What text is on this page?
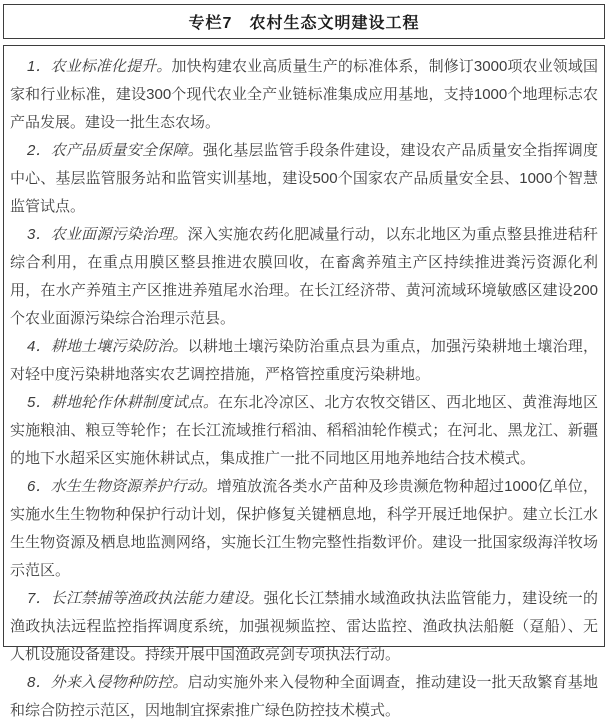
专栏7　农村生态文明建设工程

1．农业标准化提升。加快构建农业高质量生产的标准体系，制修订3000项农业领域国家和行业标准，建设300个现代农业全产业链标准集成应用基地，支持1000个地理标志农产品发展。建设一批生态农场。

2．农产品质量安全保障。强化基层监管手段条件建设，建设农产品质量安全指挥调度中心、基层监管服务站和监管实训基地，建设500个国家农产品质量安全县、1000个智慧监管试点。

3．农业面源污染治理。深入实施农药化肥减量行动，以东北地区为重点整县推进秸秆综合利用，在重点用膜区整县推进农膜回收，在畜禽养殖主产区持续推进粪污资源化利用，在水产养殖主产区推进养殖尾水治理。在长江经济带、黄河流域环境敏感区建设200个农业面源污染综合治理示范县。

4．耕地土壤污染防治。以耕地土壤污染防治重点县为重点，加强污染耕地土壤治理，对轻中度污染耕地落实农艺调控措施，严格管控重度污染耕地。

5．耕地轮作休耕制度试点。在东北冷凉区、北方农牧交错区、西北地区、黄淮海地区实施粮油、粮豆等轮作；在长江流域推行稻油、稻稻油轮作模式；在河北、黑龙江、新疆的地下水超采区实施休耕试点，集成推广一批不同地区用地养地结合技术模式。

6．水生生物资源养护行动。增殖放流各类水产苗种及珍贵濒危物种超过1000亿单位，实施水生生物物种保护行动计划，保护修复关键栖息地，科学开展迁地保护。建立长江水生生物资源及栖息地监测网络，实施长江生物完整性指数评价。建设一批国家级海洋牧场示范区。

7．长江禁捕等渔政执法能力建设。强化长江禁捕水域渔政执法监管能力，建设统一的渔政执法远程监控指挥调度系统，加强视频监控、雷达监控、渔政执法船艇（趸船）、无人机设施设备建设。持续开展中国渔政亮剑专项执法行动。

8．外来入侵物种防控。启动实施外来入侵物种全面调查，推动建设一批天敌繁育基地和综合防控示范区，因地制宜探索推广绿色防控技术模式。
